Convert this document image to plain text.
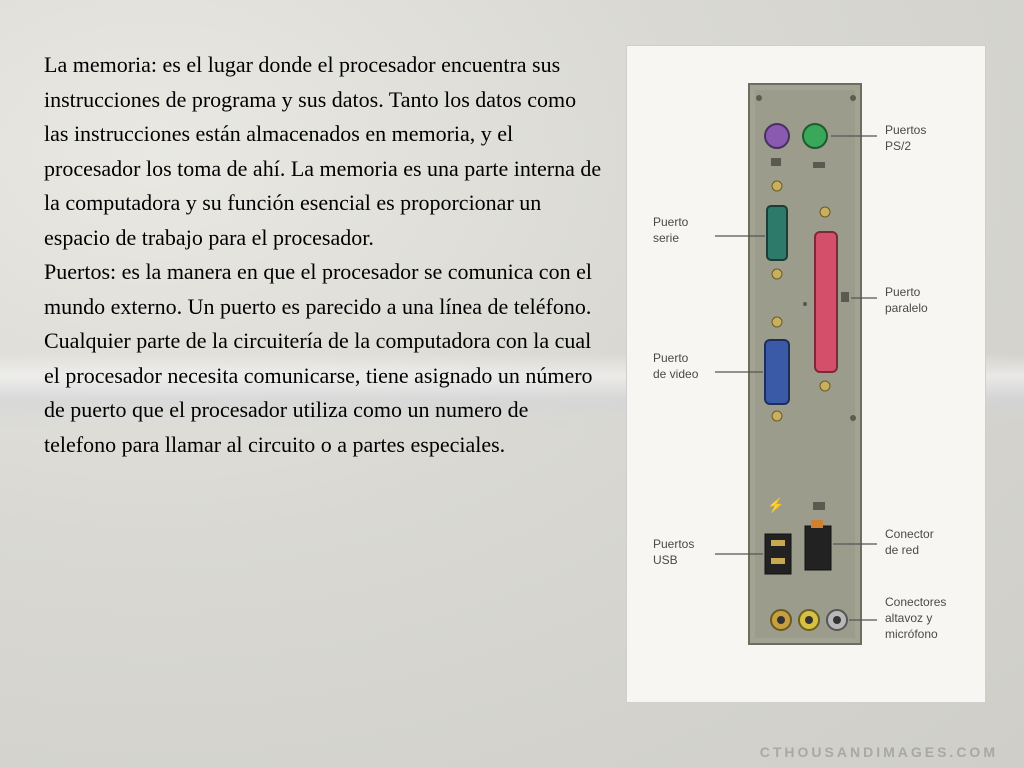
La memoria: es el lugar donde el procesador encuentra sus instrucciones de programa y sus datos. Tanto los datos como las instrucciones están almacenados en memoria, y el procesador los toma de ahí. La memoria es una parte interna de la computadora y su función esencial es proporcionar un espacio de trabajo para el procesador.

Puertos: es la manera en que el procesador se comunica con el mundo externo. Un puerto es parecido a una línea de teléfono. Cualquier parte de la circuitería de la computadora con la cual el procesador necesita comunicarse, tiene asignado un número de puerto que el procesador utiliza como un numero de telefono para llamar al circuito o a partes especiales.

⚡
Puertos
PS/2
Puerto
serie
Puerto
paralelo
Puerto
de video
Puertos
USB
Conector
de red
Conectores
altavoz y
micrófono
CTHOUSANDIMAGES.COM
